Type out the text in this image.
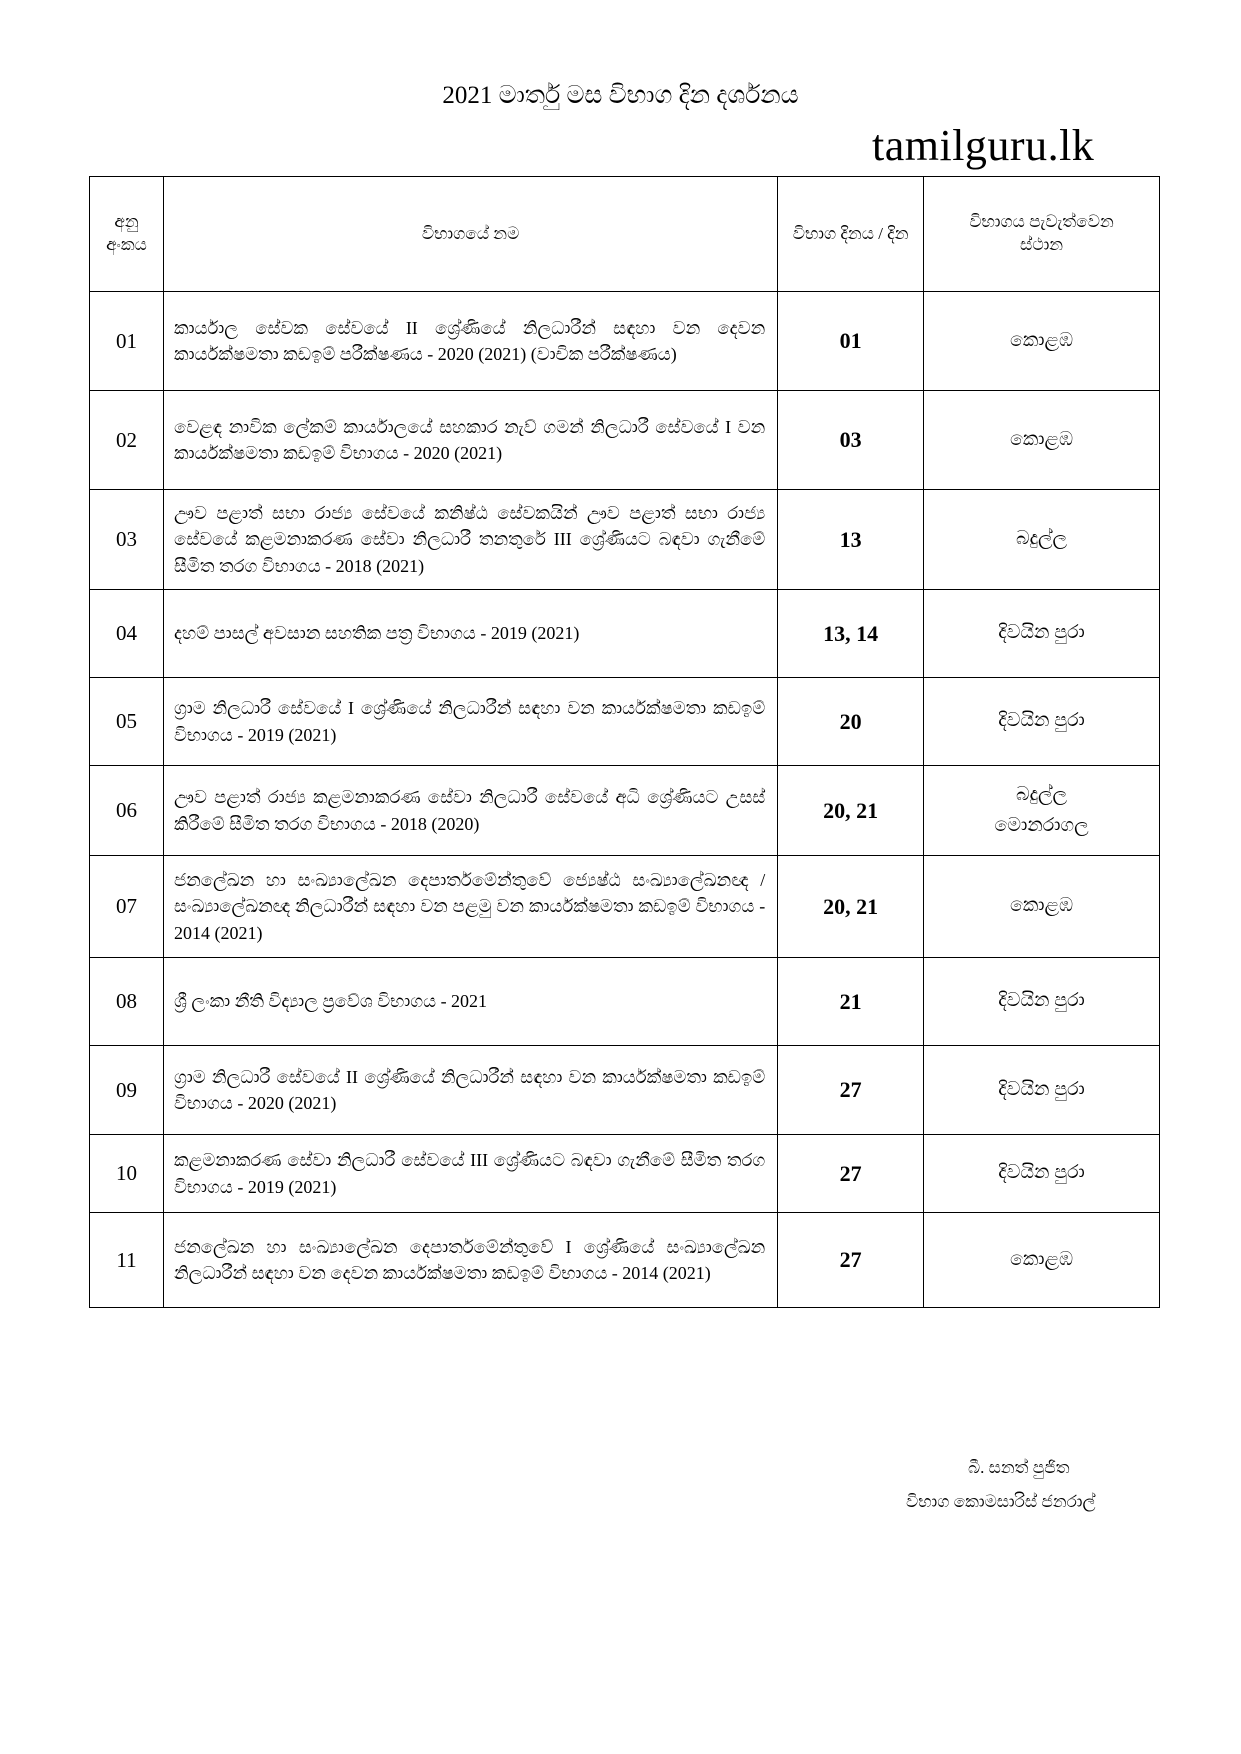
2021 මාර්තු මස විභාග දින දර්ශනය
tamilguru.lk
අනු අංකය	විභාගයේ නම	විභාග දිනය / දින	විභාගය පැවැත්වෙන ස්ථාන
01	කාර්යාල සේවක සේවයේ II ශ්‍රේණියේ නිලධාරීන් සඳහා වන දෙවන කාර්යක්ෂමතා කඩඉම් පරීක්ෂණය - 2020 (2021) (වාචික පරීක්ෂණය)	01	කොළඹ
02	වෙළඳ නාවික ලේකම් කාර්යාලයේ සහකාර නැව් ගමන් නිලධාරී සේවයේ I වන කාර්යක්ෂමතා කඩඉම් විභාගය - 2020 (2021)	03	කොළඹ
03	ඌව පළාත් සභා රාජ්‍ය සේවයේ කනිෂ්ඨ සේවකයින් ඌව පළාත් සභා රාජ්‍ය සේවයේ කළමනාකරණ සේවා නිලධාරී තනතුරේ III ශ්‍රේණියට බඳවා ගැනීමේ සීමිත තරග විභාගය - 2018 (2021)	13	බදුල්ල
04	දහම් පාසල් අවසාන සහතික පත්‍ර විභාගය - 2019 (2021)	13, 14	දිවයින පුරා
05	ග්‍රාම නිලධාරී සේවයේ I ශ්‍රේණියේ නිලධාරීන් සඳහා වන කාර්යක්ෂමතා කඩඉම් විභාගය - 2019 (2021)	20	දිවයින පුරා
06	ඌව පළාත් රාජ්‍ය කළමනාකරණ සේවා නිලධාරී සේවයේ අධි ශ්‍රේණියට උසස් කිරීමේ සීමිත තරග විභාගය - 2018 (2020)	20, 21	බදුල්ල
මොනරාගල

07	ජනලේඛන හා සංඛ්‍යාලේඛන දෙපාර්තමේන්තුවේ ජ්‍යෙෂ්ඨ සංඛ්‍යාලේඛනඥ / සංඛ්‍යාලේඛනඥ නිලධාරීන් සඳහා වන පළමු වන කාර්යක්ෂමතා කඩඉම් විභාගය - 2014 (2021)	20, 21	කොළඹ
08	ශ්‍රී ලංකා නීති විද්‍යාල ප්‍රවේශ විභාගය - 2021	21	දිවයින පුරා
09	ග්‍රාම නිලධාරී සේවයේ II ශ්‍රේණියේ නිලධාරීන් සඳහා වන කාර්යක්ෂමතා කඩඉම් විභාගය - 2020 (2021)	27	දිවයින පුරා
10	කළමනාකරණ සේවා නිලධාරී සේවයේ III ශ්‍රේණියට බඳවා ගැනීමේ සීමිත තරග විභාගය - 2019 (2021)	27	දිවයින පුරා
11	ජනලේඛන හා සංඛ්‍යාලේඛන දෙපාර්තමේන්තුවේ I ශ්‍රේණියේ සංඛ්‍යාලේඛන නිලධාරීන් සඳහා වන දෙවන කාර්යක්ෂමතා කඩඉම් විභාගය - 2014 (2021)	27	කොළඹ
බී. සනත් පුජිත
විභාග කොමසාරිස් ජනරාල්
